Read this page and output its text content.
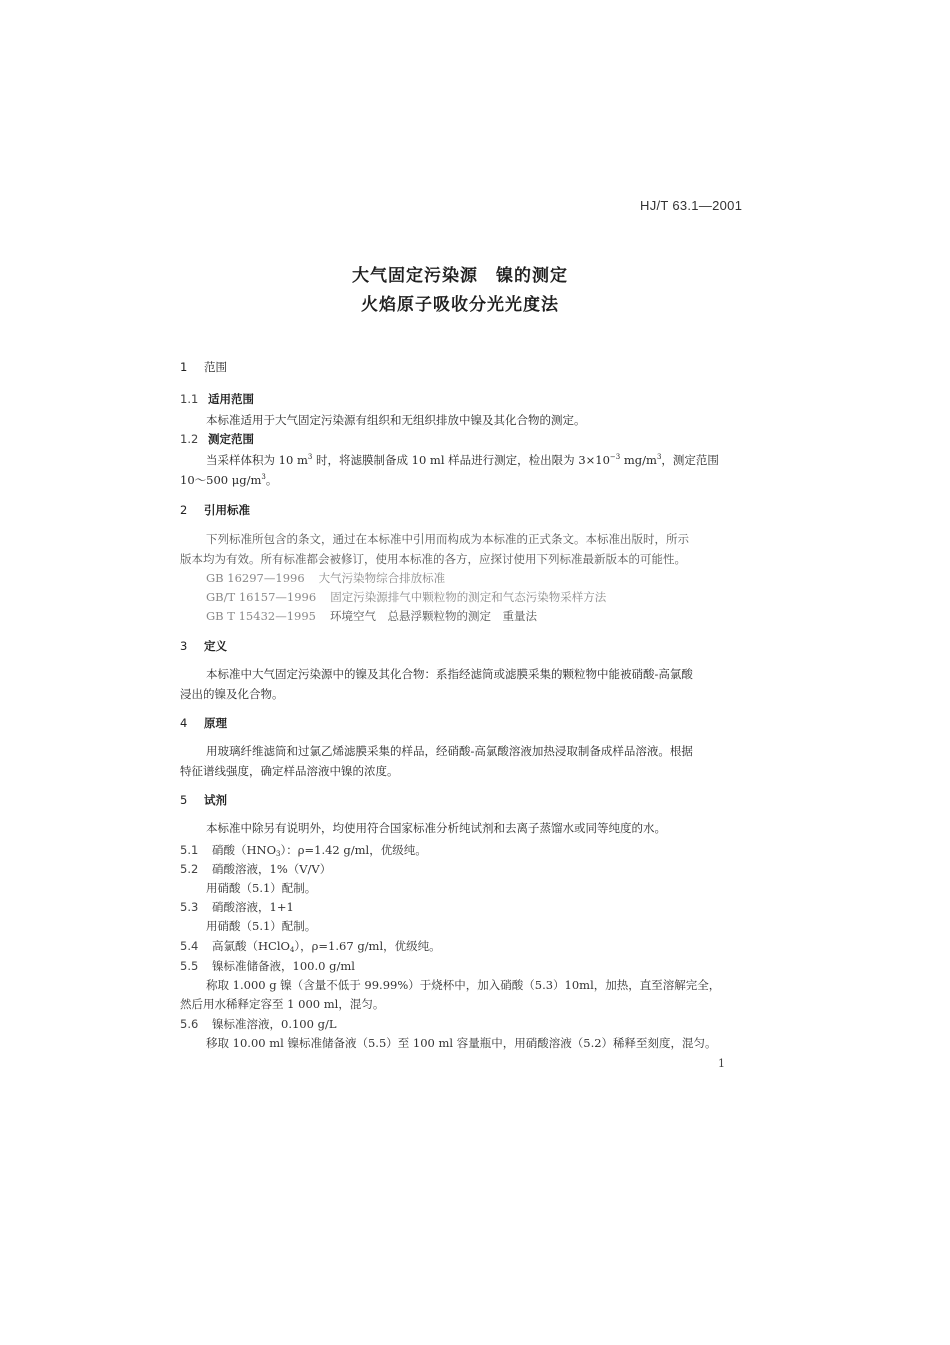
HJ/T 63.1—2001
大气固定污染源　镍的测定
火焰原子吸收分光光度法
1 范围
1.1 适用范围
本标准适用于大气固定污染源有组织和无组织排放中镍及其化合物的测定。
1.2 测定范围
当采样体积为 10 $m^3$ 时，将滤膜制备成 10 ml 样品进行测定，检出限为 $3\times 10^{-3}$ $mg/m^3$，测定范围
10～500 $\mu g/m^3$。
2 引用标准
下列标准所包含的条文，通过在本标准中引用而构成为本标准的正式条文。本标准出版时，所示
版本均为有效。所有标准都会被修订，使用本标准的各方，应探讨使用下列标准最新版本的可能性。
GB 16297—1996 大气污染物综合排放标准
GB/T 16157—1996 固定污染源排气中颗粒物的测定和气态污染物采样方法
GB T 15432—1995 环境空气　总悬浮颗粒物的测定　重量法
3 定义
本标准中大气固定污染源中的镍及其化合物：系指经滤筒或滤膜采集的颗粒物中能被硝酸-高氯酸
浸出的镍及化合物。
4 原理
用玻璃纤维滤筒和过氯乙烯滤膜采集的样品，经硝酸-高氯酸溶液加热浸取制备成样品溶液。根据
特征谱线强度，确定样品溶液中镍的浓度。
5 试剂
本标准中除另有说明外，均使用符合国家标准分析纯试剂和去离子蒸馏水或同等纯度的水。
5.1 硝酸$(HNO_3)$：ρ=1.42 g/ml，优级纯。
5.2 硝酸溶液，1%（V/V）
用硝酸（5.1）配制。
5.3 硝酸溶液，1+1
用硝酸（5.1）配制。
5.4 高氯酸（HClO$_4$），ρ=1.67 g/ml，优级纯。
5.5 镍标准储备液，100.0 g/ml
称取 1.000 g 镍（含量不低于 99.99%）于烧杯中，加入硝酸（5.3）10ml，加热，直至溶解完全，
然后用水稀释定容至 1 000 ml，混匀。
5.6 镍标准溶液，0.100 g/L
移取 10.00 ml 镍标准储备液（5.5）至 100 ml 容量瓶中，用硝酸溶液（5.2）稀释至刻度，混匀。
1
